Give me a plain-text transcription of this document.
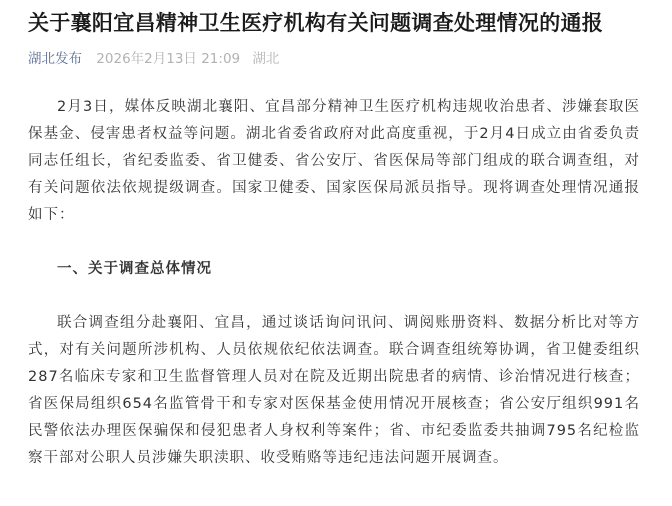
关于襄阳宜昌精神卫生医疗机构有关问题调查处理情况的通报
湖北发布 2026年2月13日 21:09 湖北

2月3日，媒体反映湖北襄阳、宜昌部分精神卫生医疗机构违规收治患者、涉嫌套取医保基金、侵害患者权益等问题。湖北省委省政府对此高度重视，于2月4日成立由省委负责同志任组长，省纪委监委、省卫健委、省公安厅、省医保局等部门组成的联合调查组，对有关问题依法依规提级调查。国家卫健委、国家医保局派员指导。现将调查处理情况通报如下：

一、关于调查总体情况

联合调查组分赴襄阳、宜昌，通过谈话询问讯问、调阅账册资料、数据分析比对等方式，对有关问题所涉机构、人员依规依纪依法调查。联合调查组统筹协调，省卫健委组织287名临床专家和卫生监督管理人员对在院及近期出院患者的病情、诊治情况进行核查；省医保局组织654名监管骨干和专家对医保基金使用情况开展核查；省公安厅组织991名民警依法办理医保骗保和侵犯患者人身权利等案件；省、市纪委监委共抽调795名纪检监察干部对公职人员涉嫌失职渎职、收受贿赂等违纪违法问题开展调查。
